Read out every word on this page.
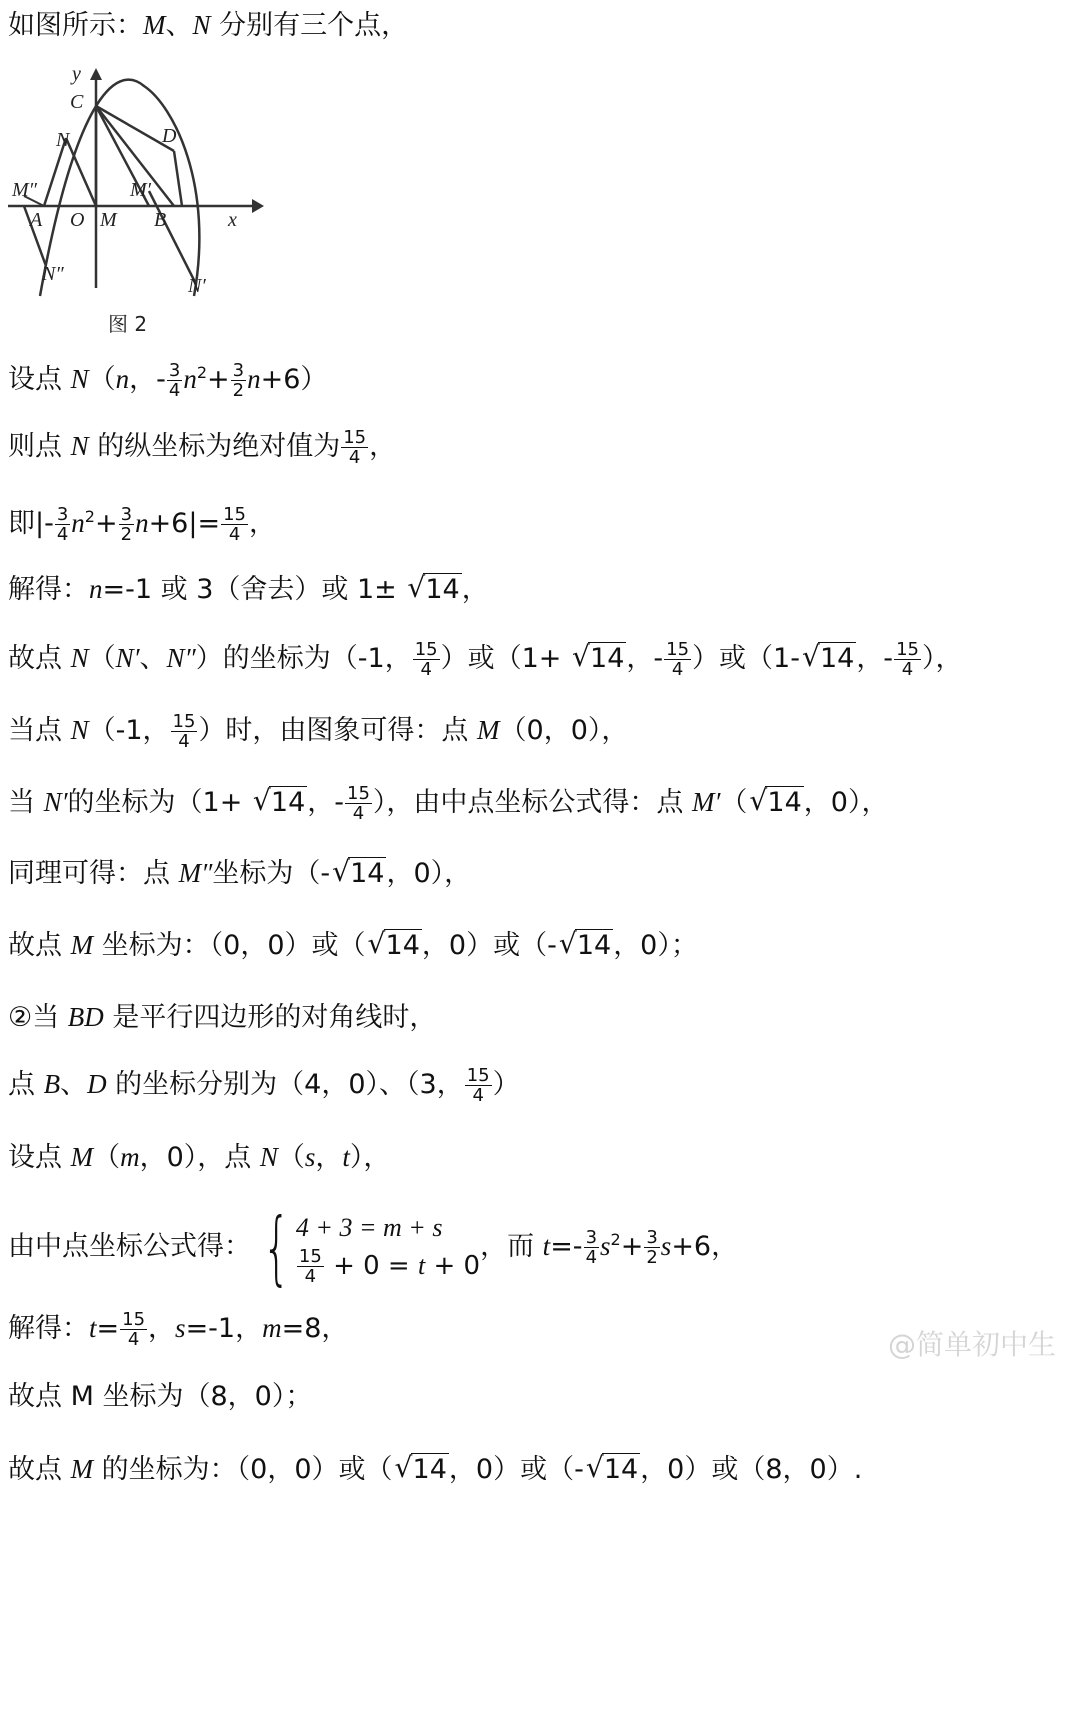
如图所示：M、N 分别有三个点，
y
C
D
N
M″	M′
A O M B	x
N″
N′
图 2
设点 N（n，- $\frac{3}{4} n^2+ \frac{3}{2} n+6$）
则点 N 的纵坐标为绝对值为 $\frac{15}{4}$ ，
即|- $\frac{3}{4} n^2+ \frac{3}{2} n+6|= \frac{15}{4}$ ，
解得：n=-1 或 3（舍去）或 1± √ 14，
故点 N（N′、N″）的坐标为（-1， $\frac{15}{4}$ ）或（1+ √ 14，- $\frac{15}{4}$ ）或（1- √ 14，- $\frac{15}{4}$ ），
当点 N（-1， $\frac{15}{4}$ ）时，由图象可得：点 M（0，0），
当 N′的坐标为（1+ √ 14，- $\frac{15}{4}$ ），由中点坐标公式得：点 M′（ √ 14，0），
同理可得：点 M″坐标为（- √ 14，0），
故点 M 坐标为：（0，0）或（ √ 14，0）或（- √ 14，0）；
②当 BD 是平行四边形的对角线时，
点 B、D 的坐标分别为（4，0）、（3， $\frac{15}{4}$ ）
设点 M（m，0），点 N（s，t），
由中点坐标公式得： { 4 + 3 = m + s
$\frac{15}{4} + 0 = t + 0$
，而 $t=- \frac{3}{4} s^2+ \frac{3}{2} s+6$，
解得：$t= \frac{15}{4}$ ，s=-1，m=8，
故点 M 坐标为（8，0）；
故点 M 的坐标为：（0，0）或（ √ 14，0）或（- √ 14，0）或（8，0）.
@简单初中生
